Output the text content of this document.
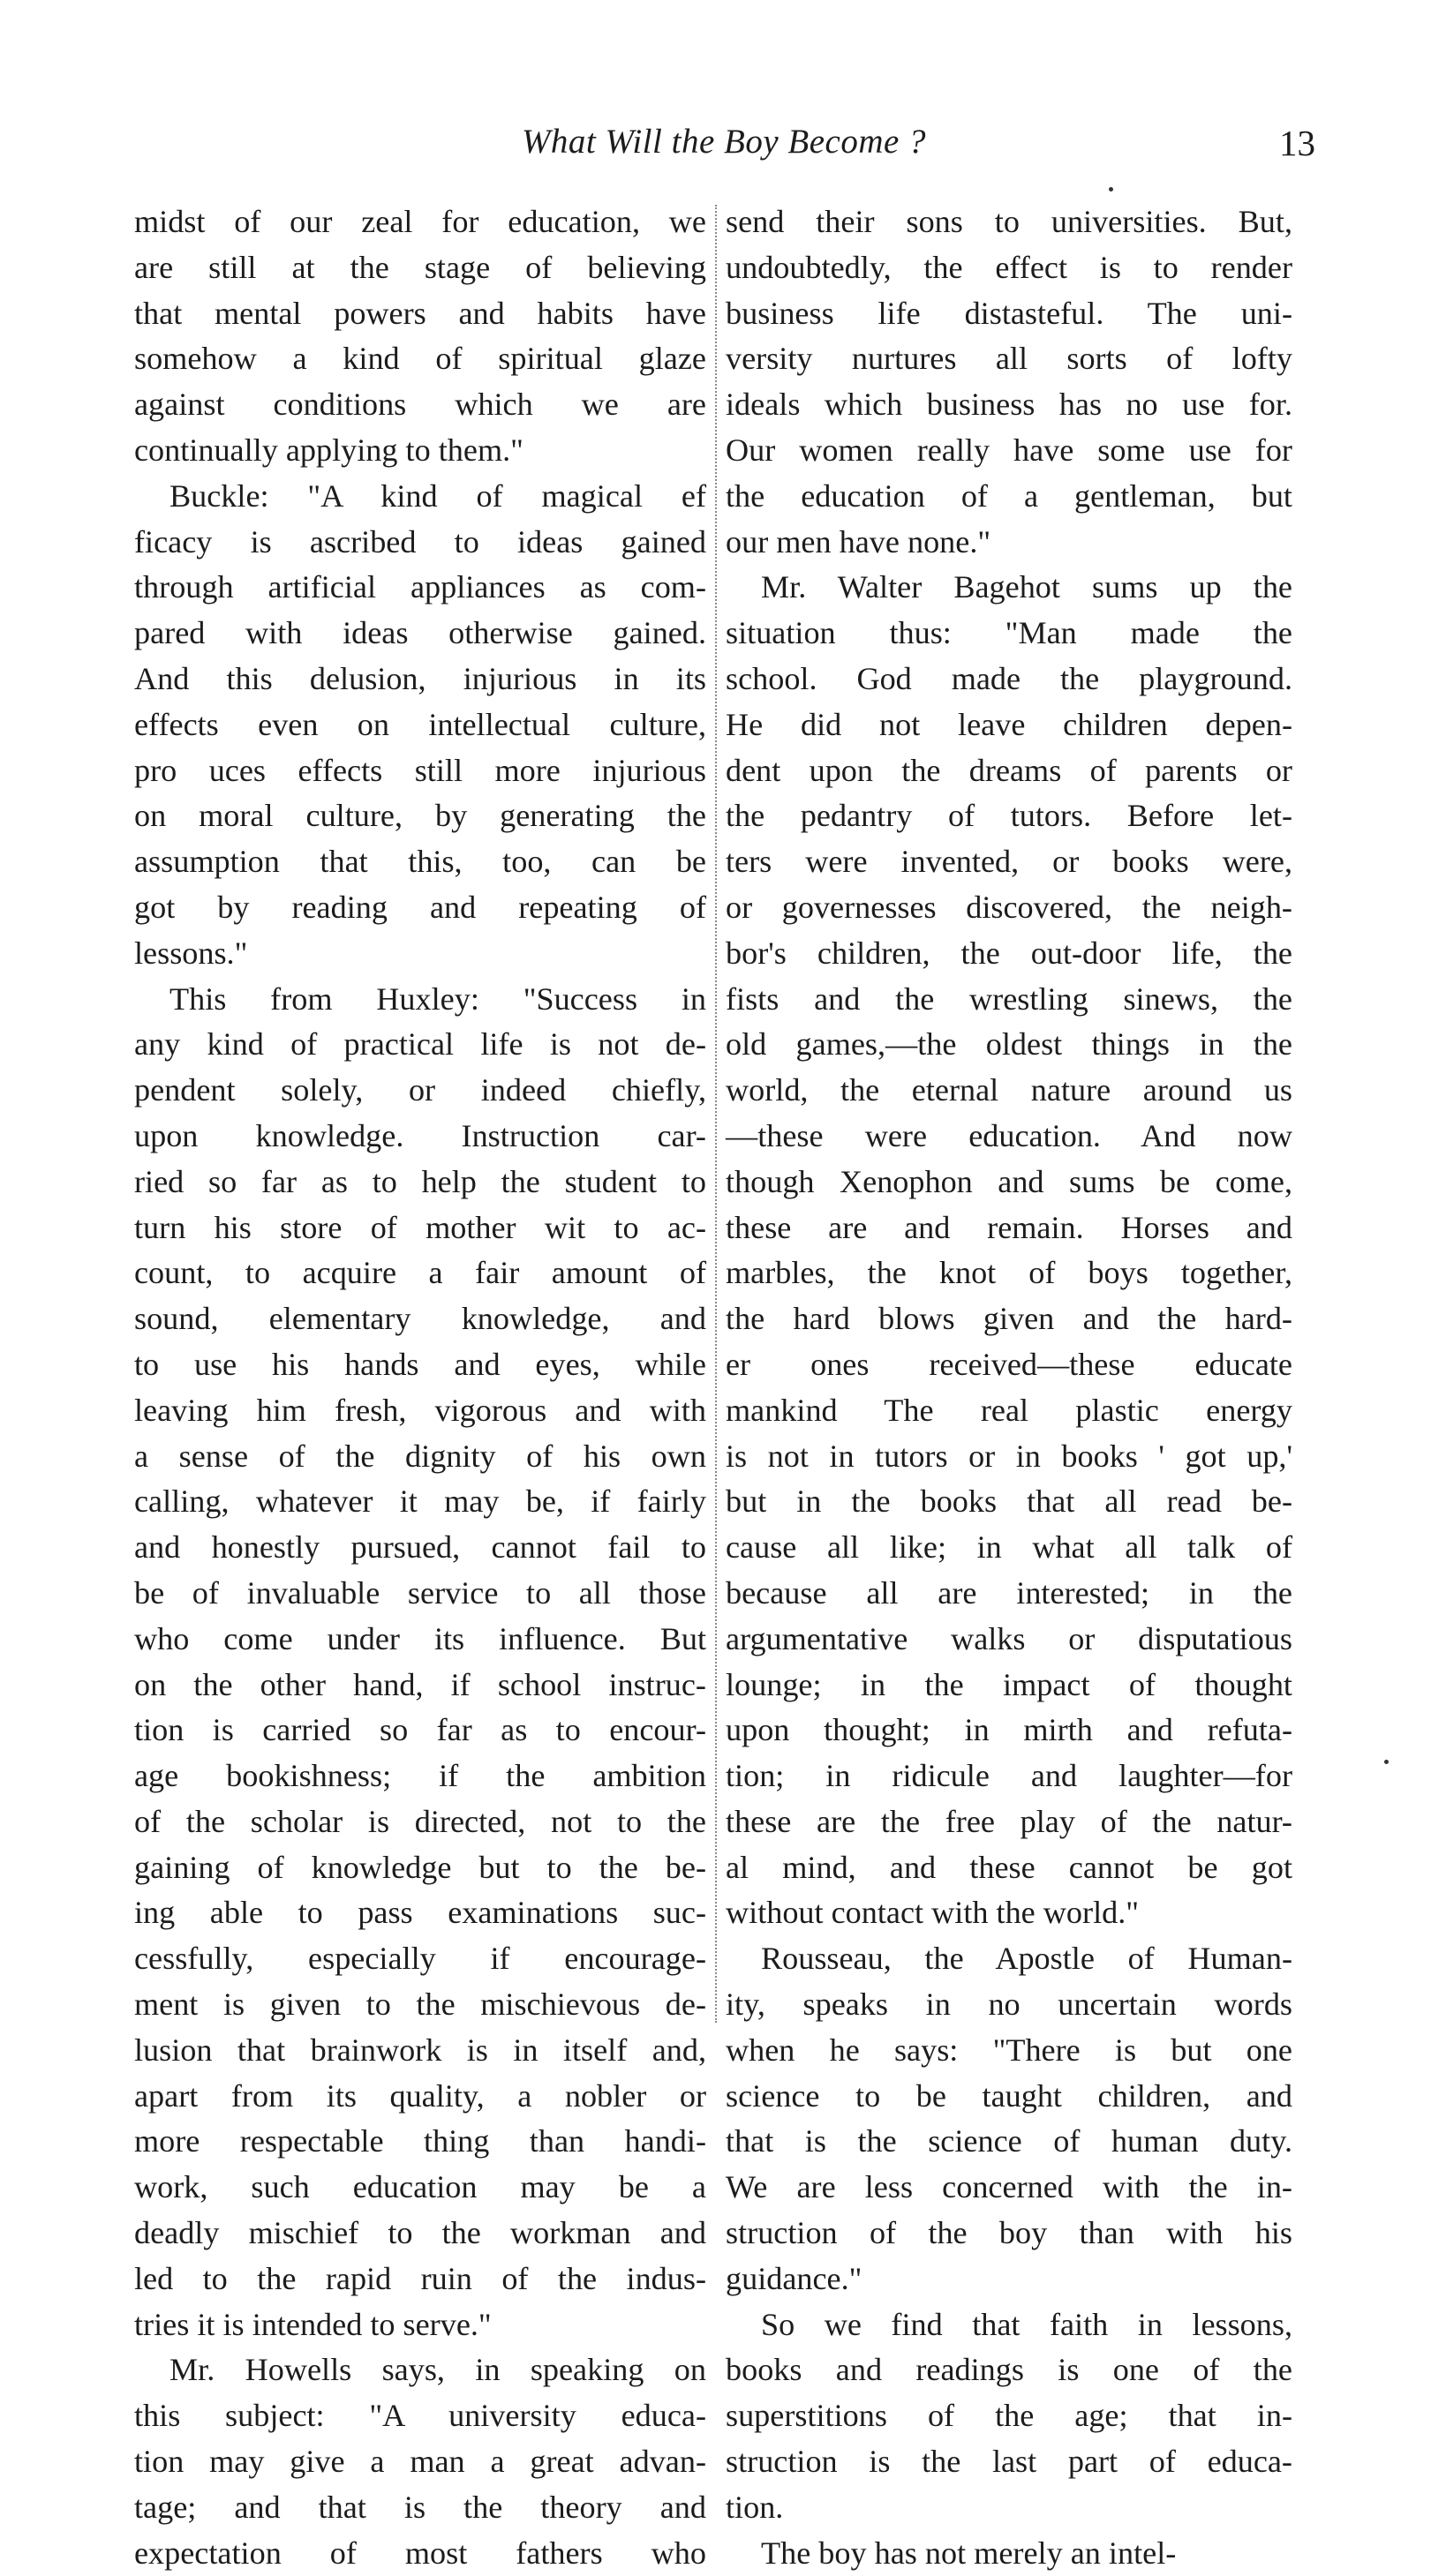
What Will the Boy Become ?	13
midst of our zeal for education, we
are still at the stage of believing
that mental powers and habits have
somehow a kind of spiritual glaze
against conditions which we are
continually applying to them."
Buckle: "A kind of magical ef
ficacy is ascribed to ideas gained
through artificial appliances as com-
pared with ideas otherwise gained.
And this delusion, injurious in its
effects even on intellectual culture,
pro uces effects still more injurious
on moral culture, by generating the
assumption that this, too, can be
got by reading and repeating of
lessons."
This from Huxley: "Success in
any kind of practical life is not de-
pendent solely, or indeed chiefly,
upon knowledge. Instruction car-
ried so far as to help the student to
turn his store of mother wit to ac-
count, to acquire a fair amount of
sound, elementary knowledge, and
to use his hands and eyes, while
leaving him fresh, vigorous and with
a sense of the dignity of his own
calling, whatever it may be, if fairly
and honestly pursued, cannot fail to
be of invaluable service to all those
who come under its influence. But
on the other hand, if school instruc-
tion is carried so far as to encour-
age bookishness; if the ambition
of the scholar is directed, not to the
gaining of knowledge but to the be-
ing able to pass examinations suc-
cessfully, especially if encourage-
ment is given to the mischievous de-
lusion that brainwork is in itself and,
apart from its quality, a nobler or
more respectable thing than handi-
work, such education may be a
deadly mischief to the workman and
led to the rapid ruin of the indus-
tries it is intended to serve."
Mr. Howells says, in speaking on
this subject: "A university educa-
tion may give a man a great advan-
tage; and that is the theory and
expectation of most fathers who
send their sons to universities. But,
undoubtedly, the effect is to render
business life distasteful. The uni-
versity nurtures all sorts of lofty
ideals which business has no use for.
Our women really have some use for
the education of a gentleman, but
our men have none."
Mr. Walter Bagehot sums up the
situation thus: "Man made the
school. God made the playground.
He did not leave children depen-
dent upon the dreams of parents or
the pedantry of tutors. Before let-
ters were invented, or books were,
or governesses discovered, the neigh-
bor's children, the out-door life, the
fists and the wrestling sinews, the
old games,—the oldest things in the
world, the eternal nature around us
—these were education. And now
though Xenophon and sums be come,
these are and remain. Horses and
marbles, the knot of boys together,
the hard blows given and the hard-
er ones received—these educate
mankind The real plastic energy
is not in tutors or in books ' got up,'
but in the books that all read be-
cause all like; in what all talk of
because all are interested; in the
argumentative walks or disputatious
lounge; in the impact of thought
upon thought; in mirth and refuta-
tion; in ridicule and laughter—for
these are the free play of the natur-
al mind, and these cannot be got
without contact with the world."
Rousseau, the Apostle of Human-
ity, speaks in no uncertain words
when he says: "There is but one
science to be taught children, and
that is the science of human duty.
We are less concerned with the in-
struction of the boy than with his
guidance."
So we find that faith in lessons,
books and readings is one of the
superstitions of the age; that in-
struction is the last part of educa-
tion.
The boy has not merely an intel-
